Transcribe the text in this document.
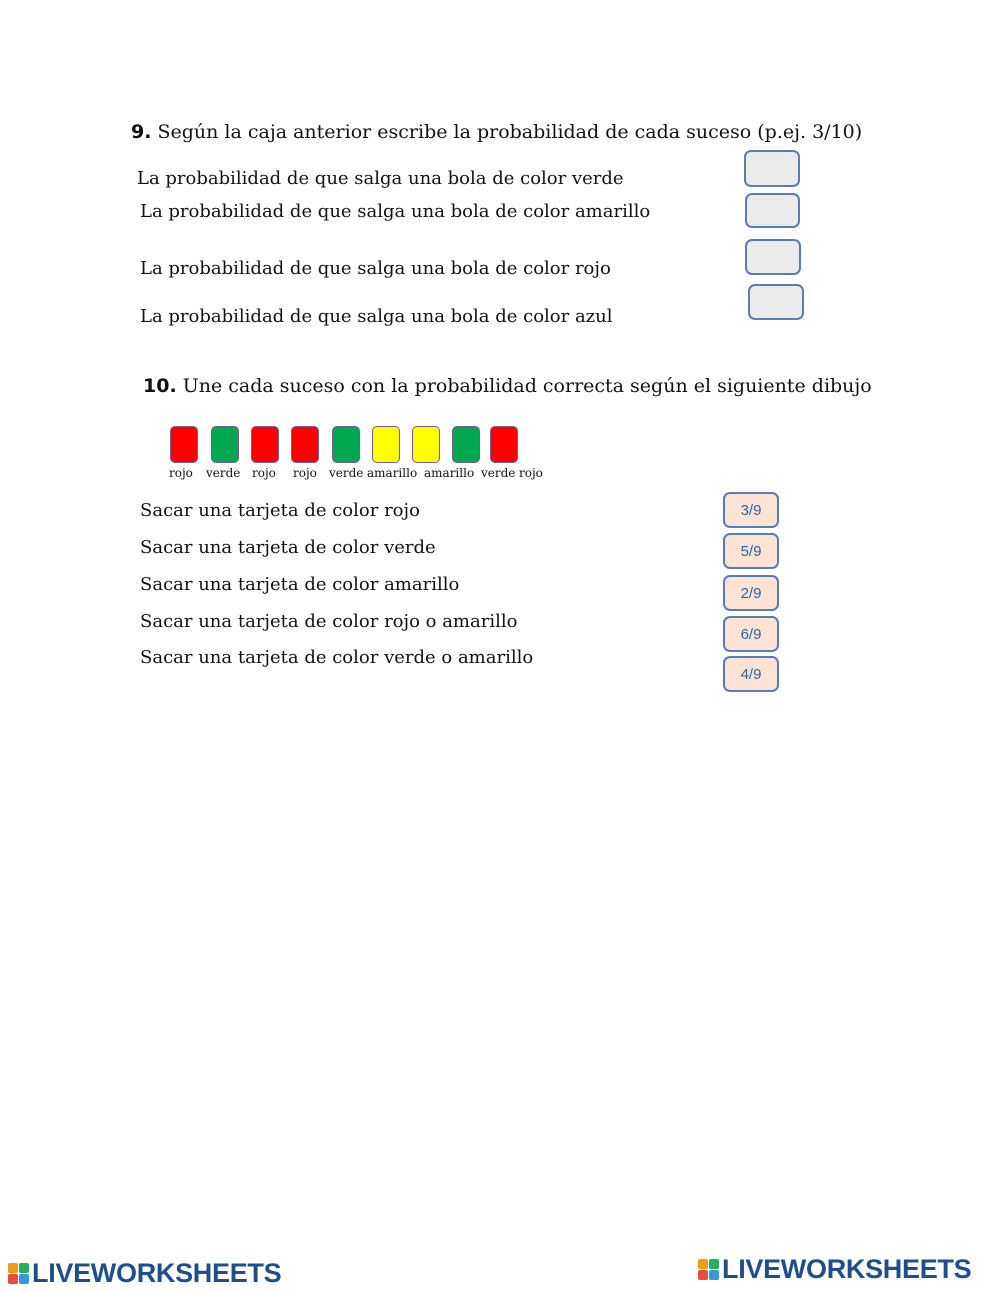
9. Según la caja anterior escribe la probabilidad de cada suceso (p.ej. 3/10)
La probabilidad de que salga una bola de color verde
La probabilidad de que salga una bola de color amarillo
La probabilidad de que salga una bola de color rojo
La probabilidad de que salga una bola de color azul
10. Une cada suceso con la probabilidad correcta según el siguiente dibujo
rojo verde rojo rojo verde amarillo amarillo verde rojo
Sacar una tarjeta de color rojo
Sacar una tarjeta de color verde
Sacar una tarjeta de color amarillo
Sacar una tarjeta de color rojo o amarillo
Sacar una tarjeta de color verde o amarillo
3/9
5/9
2/9
6/9
4/9
LIVEWORKSHEETS	LIVEWORKSHEETS
